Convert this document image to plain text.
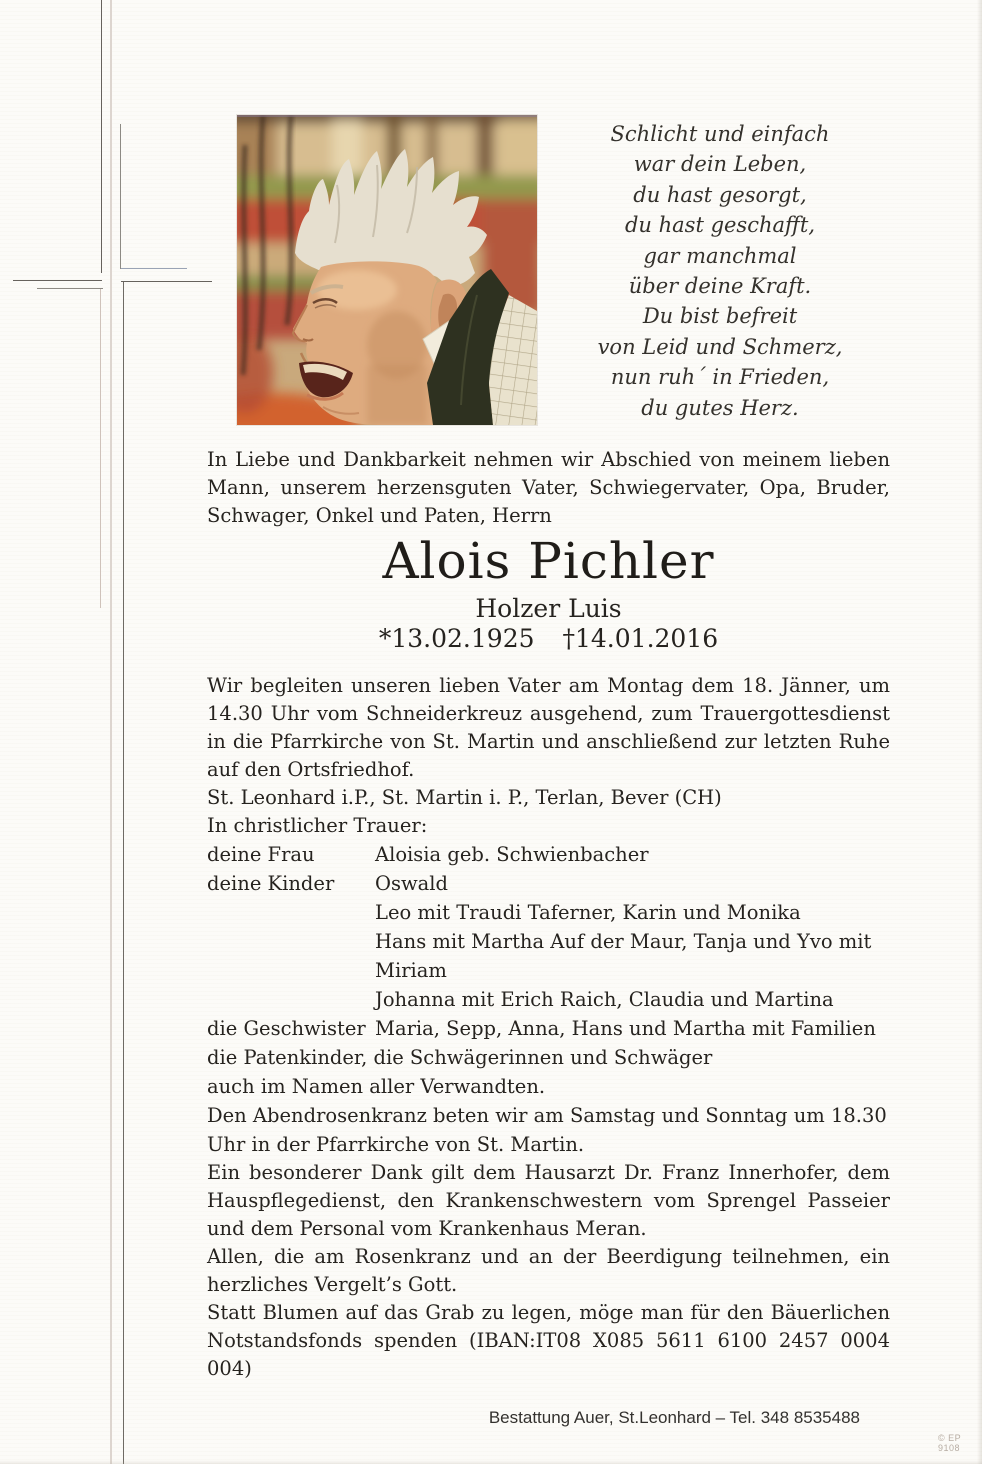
Schlicht und einfach
war dein Leben,
du hast gesorgt,
du hast geschafft,
gar manchmal
über deine Kraft.
Du bist befreit
von Leid und Schmerz,
nun ruh´ in Frieden,
du gutes Herz.

In Liebe und Dankbarkeit nehmen wir Abschied von meinem lieben Mann, unserem herzensguten Vater, Schwiegervater, Opa, Bruder, Schwager, Onkel und Paten, Herrn

Alois Pichler
Holzer Luis
*13.02.1925 †14.01.2016

Wir begleiten unseren lieben Vater am Montag dem 18. Jänner, um 14.30 Uhr vom Schneiderkreuz ausgehend, zum Trauergottesdienst in die Pfarrkirche von St. Martin und anschließend zur letzten Ruhe auf den Ortsfriedhof.

St. Leonhard i.P., St. Martin i. P., Terlan, Bever (CH)

In christlicher Trauer:

deine Frau	Aloisia geb. Schwienbacher
deine Kinder	Oswald
Leo mit Traudi Taferner, Karin und Monika
Hans mit Martha Auf der Maur, Tanja und Yvo mit Miriam
Johanna mit Erich Raich, Claudia und Martina
die Geschwister Maria, Sepp, Anna, Hans und Martha mit Familien
die Patenkinder, die Schwägerinnen und Schwäger
auch im Namen aller Verwandten.

Den Abendrosenkranz beten wir am Samstag und Sonntag um 18.30 Uhr in der Pfarrkirche von St. Martin.

Ein besonderer Dank gilt dem Hausarzt Dr. Franz Innerhofer, dem Hauspflegedienst, den Krankenschwestern vom Sprengel Passeier und dem Personal vom Krankenhaus Meran.

Allen, die am Rosenkranz und an der Beerdigung teilnehmen, ein herzliches Vergelt’s Gott.

Statt Blumen auf das Grab zu legen, möge man für den Bäuerlichen Notstandsfonds spenden (IBAN:IT08 X085 5611 6100 2457 0004 004)

Bestattung Auer, St.Leonhard – Tel. 348 8535488
© EP 9108
